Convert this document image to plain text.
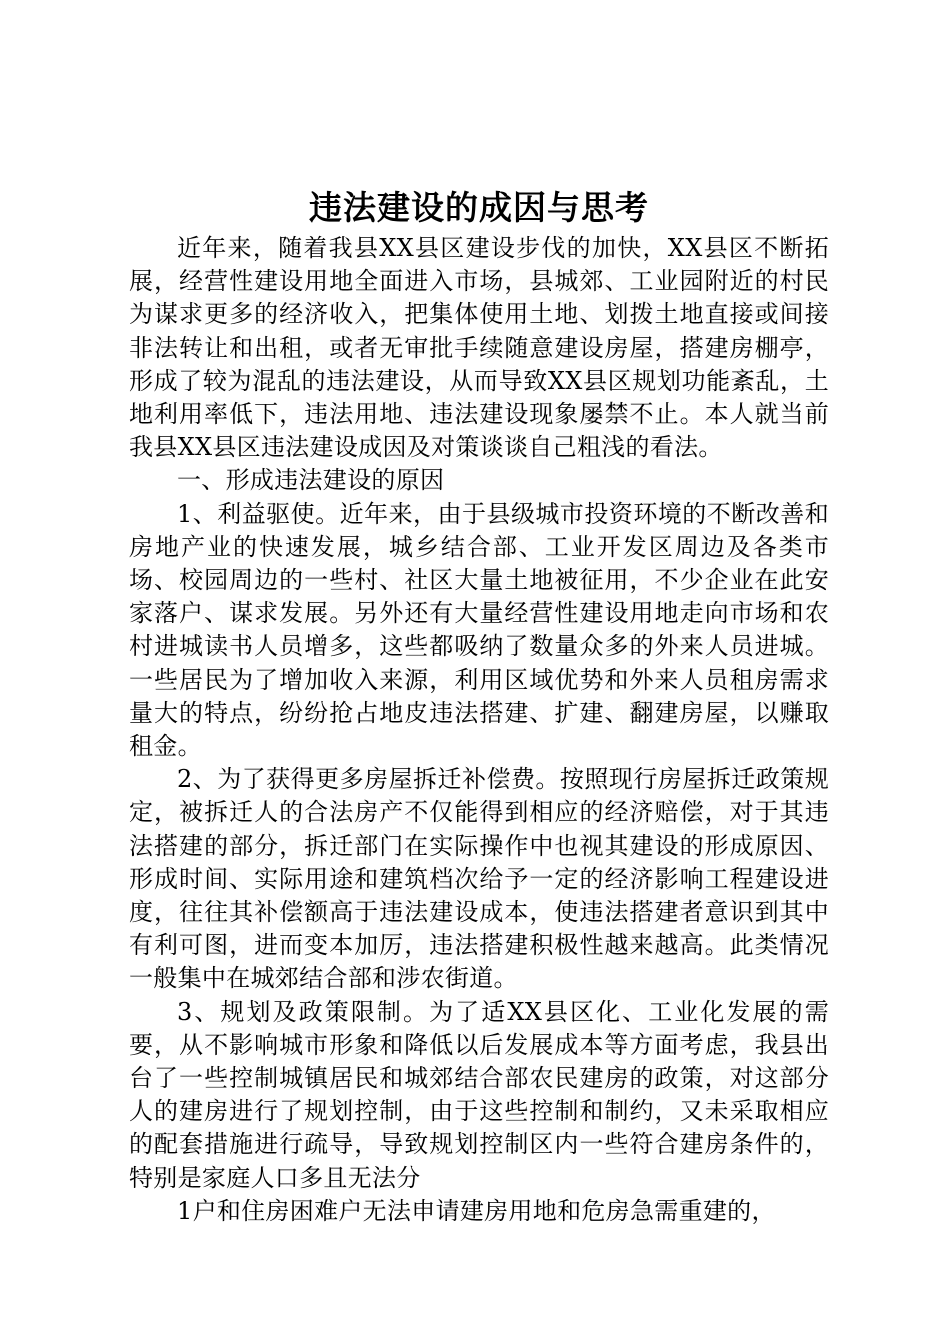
违法建设的成因与思考

近年来，随着我县XX县区建设步伐的加快，XX县区不断拓展，经营性建设用地全面进入市场，县城郊、工业园附近的村民为谋求更多的经济收入，把集体使用土地、划拨土地直接或间接非法转让和出租，或者无审批手续随意建设房屋，搭建房棚亭，形成了较为混乱的违法建设，从而导致XX县区规划功能紊乱，土地利用率低下，违法用地、违法建设现象屡禁不止。本人就当前我县XX县区违法建设成因及对策谈谈自己粗浅的看法。

一、形成违法建设的原因

1、利益驱使。近年来，由于县级城市投资环境的不断改善和房地产业的快速发展，城乡结合部、工业开发区周边及各类市场、校园周边的一些村、社区大量土地被征用，不少企业在此安家落户、谋求发展。另外还有大量经营性建设用地走向市场和农村进城读书人员增多，这些都吸纳了数量众多的外来人员进城。一些居民为了增加收入来源，利用区域优势和外来人员租房需求量大的特点，纷纷抢占地皮违法搭建、扩建、翻建房屋，以赚取租金。

2、为了获得更多房屋拆迁补偿费。按照现行房屋拆迁政策规定，被拆迁人的合法房产不仅能得到相应的经济赔偿，对于其违法搭建的部分，拆迁部门在实际操作中也视其建设的形成原因、形成时间、实际用途和建筑档次给予一定的经济影响工程建设进度，往往其补偿额高于违法建设成本，使违法搭建者意识到其中有利可图，进而变本加厉，违法搭建积极性越来越高。此类情况一般集中在城郊结合部和涉农街道。

3、规划及政策限制。为了适XX县区化、工业化发展的需要，从不影响城市形象和降低以后发展成本等方面考虑，我县出台了一些控制城镇居民和城郊结合部农民建房的政策，对这部分人的建房进行了规划控制，由于这些控制和制约，又未采取相应的配套措施进行疏导，导致规划控制区内一些符合建房条件的，特别是家庭人口多且无法分

1户和住房困难户无法申请建房用地和危房急需重建的，
